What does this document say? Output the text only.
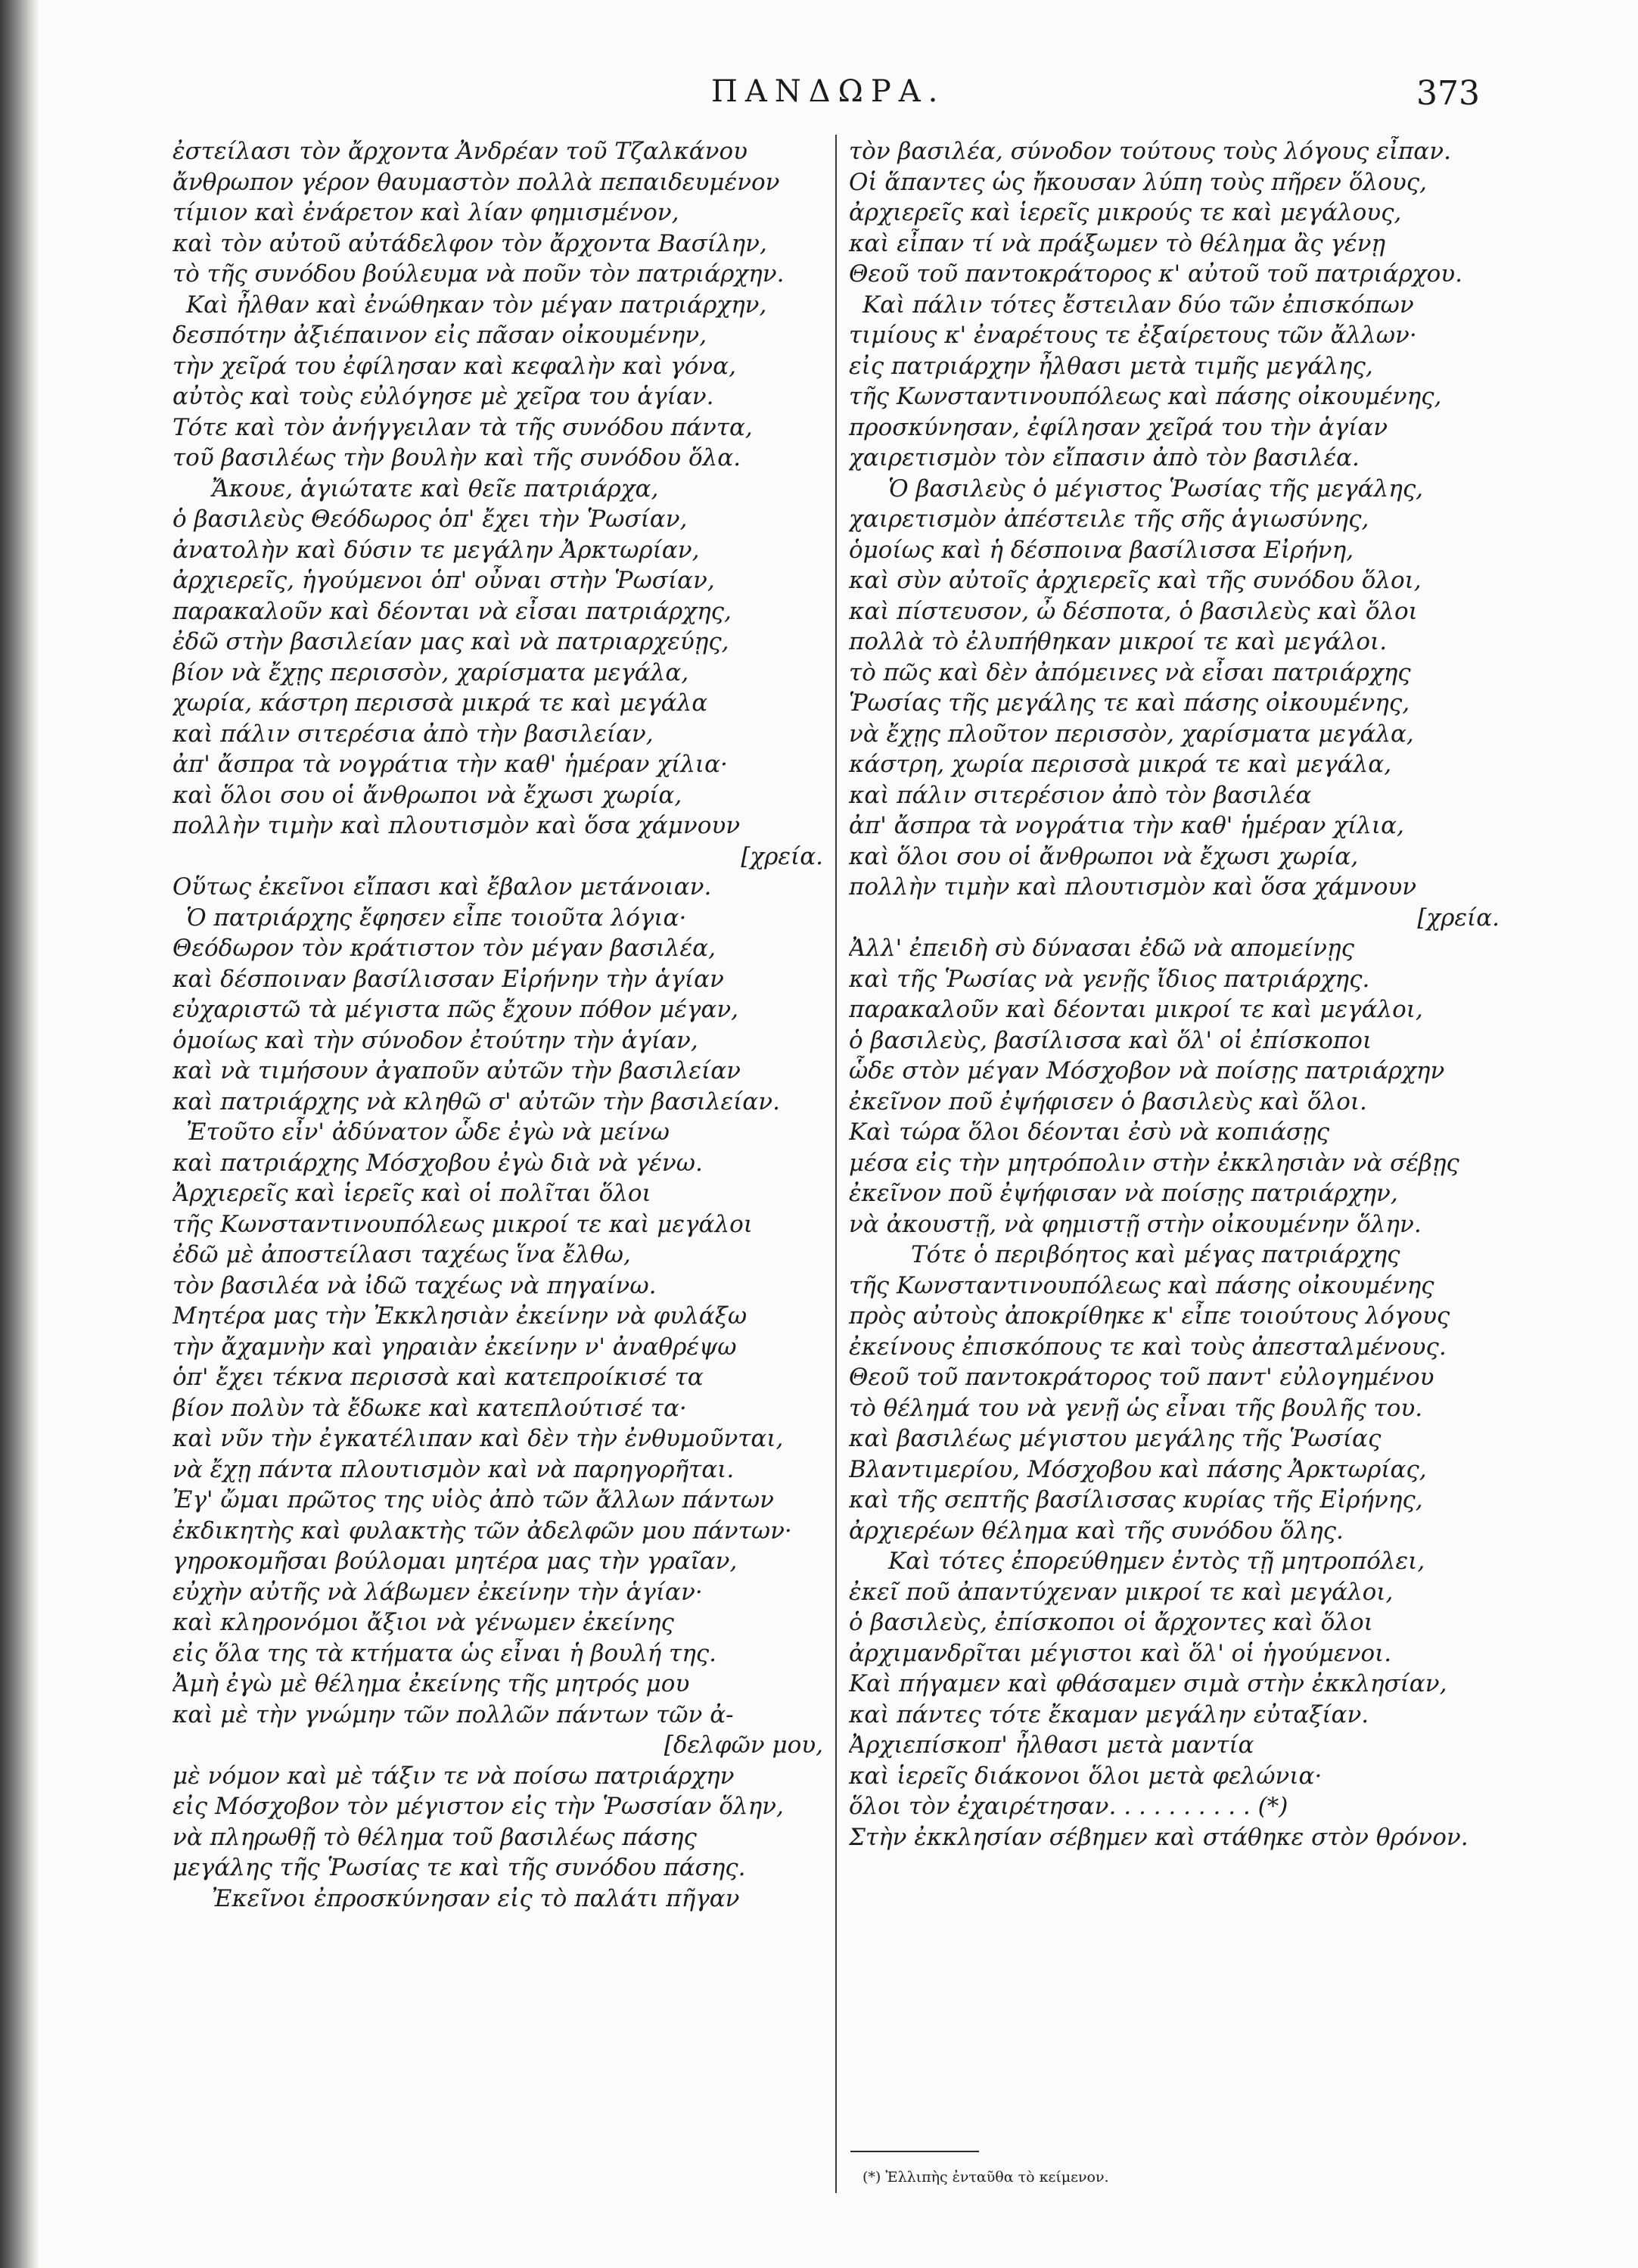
ΠΑΝΔΩΡΑ.	373
ἐστείλασι τὸν ἄρχοντα Ἀνδρέαν τοῦ Τζαλκάνου
ἄνθρωπον γέρον θαυμαστὸν πολλὰ πεπαιδευμένον
τίμιον καὶ ἐνάρετον καὶ λίαν φημισμένον,
καὶ τὸν αὐτοῦ αὐτάδελφον τὸν ἄρχοντα Βασίλην,
τὸ τῆς συνόδου βούλευμα νὰ ποῦν τὸν πατριάρχην.
Καὶ ἦλθαν καὶ ἐνώθηκαν τὸν μέγαν πατριάρχην,
δεσπότην ἀξιέπαινον εἰς πᾶσαν οἰκουμένην,
τὴν χεῖρά του ἐφίλησαν καὶ κεφαλὴν καὶ γόνα,
αὐτὸς καὶ τοὺς εὐλόγησε μὲ χεῖρα του ἁγίαν.
Τότε καὶ τὸν ἀνήγγειλαν τὰ τῆς συνόδου πάντα,
τοῦ βασιλέως τὴν βουλὴν καὶ τῆς συνόδου ὅλα.
Ἄκουε, ἁγιώτατε καὶ θεῖε πατριάρχα,
ὁ βασιλεὺς Θεόδωρος ὁπ' ἔχει τὴν Ῥωσίαν,
ἀνατολὴν καὶ δύσιν τε μεγάλην Ἀρκτωρίαν,
ἀρχιερεῖς, ἡγούμενοι ὁπ' οὖναι στὴν Ῥωσίαν,
παρακαλοῦν καὶ δέονται νὰ εἶσαι πατριάρχης,
ἐδῶ στὴν βασιλείαν μας καὶ νὰ πατριαρχεύῃς,
βίον νὰ ἔχῃς περισσὸν, χαρίσματα μεγάλα,
χωρία, κάστρη περισσὰ μικρά τε καὶ μεγάλα
καὶ πάλιν σιτερέσια ἀπὸ τὴν βασιλείαν,
ἀπ' ἄσπρα τὰ νογράτια τὴν καθ' ἡμέραν χίλια·
καὶ ὅλοι σου οἱ ἄνθρωποι νὰ ἔχωσι χωρία,
πολλὴν τιμὴν καὶ πλουτισμὸν καὶ ὅσα χάμνουν
[χρεία.
Οὕτως ἐκεῖνοι εἴπασι καὶ ἔβαλον μετάνοιαν.
Ὁ πατριάρχης ἔφησεν εἶπε τοιοῦτα λόγια·
Θεόδωρον τὸν κράτιστον τὸν μέγαν βασιλέα,
καὶ δέσποιναν βασίλισσαν Εἰρήνην τὴν ἁγίαν
εὐχαριστῶ τὰ μέγιστα πῶς ἔχουν πόθον μέγαν,
ὁμοίως καὶ τὴν σύνοδον ἐτούτην τὴν ἁγίαν,
καὶ νὰ τιμήσουν ἀγαποῦν αὐτῶν τὴν βασιλείαν
καὶ πατριάρχης νὰ κληθῶ σ' αὐτῶν τὴν βασιλείαν.
Ἐτοῦτο εἶν' ἀδύνατον ὧδε ἐγὼ νὰ μείνω
καὶ πατριάρχης Μόσχοβου ἐγὼ διὰ νὰ γένω.
Ἀρχιερεῖς καὶ ἱερεῖς καὶ οἱ πολῖται ὅλοι
τῆς Κωνσταντινουπόλεως μικροί τε καὶ μεγάλοι
ἐδῶ μὲ ἀποστείλασι ταχέως ἵνα ἔλθω,
τὸν βασιλέα νὰ ἰδῶ ταχέως νὰ πηγαίνω.
Μητέρα μας τὴν Ἐκκλησιὰν ἐκείνην νὰ φυλάξω
τὴν ἄχαμνὴν καὶ γηραιὰν ἐκείνην ν' ἀναθρέψω
ὁπ' ἔχει τέκνα περισσὰ καὶ κατεπροίκισέ τα
βίον πολὺν τὰ ἔδωκε καὶ κατεπλούτισέ τα·
καὶ νῦν τὴν ἐγκατέλιπαν καὶ δὲν τὴν ἐνθυμοῦνται,
νὰ ἔχῃ πάντα πλουτισμὸν καὶ νὰ παρηγορῆται.
Ἐγ' ὤμαι πρῶτος της υἱὸς ἀπὸ τῶν ἄλλων πάντων
ἐκδικητὴς καὶ φυλακτὴς τῶν ἀδελφῶν μου πάντων·
γηροκομῆσαι βούλομαι μητέρα μας τὴν γραῖαν,
εὐχὴν αὐτῆς νὰ λάβωμεν ἐκείνην τὴν ἁγίαν·
καὶ κληρονόμοι ἄξιοι νὰ γένωμεν ἐκείνης
εἰς ὅλα της τὰ κτήματα ὡς εἶναι ἡ βουλή της.
Ἀμὴ ἐγὼ μὲ θέλημα ἐκείνης τῆς μητρός μου
καὶ μὲ τὴν γνώμην τῶν πολλῶν πάντων τῶν ἀ-
[δελφῶν μου,
μὲ νόμον καὶ μὲ τάξιν τε νὰ ποίσω πατριάρχην
εἰς Μόσχοβον τὸν μέγιστον εἰς τὴν Ῥωσσίαν ὅλην,
νὰ πληρωθῇ τὸ θέλημα τοῦ βασιλέως πάσης
μεγάλης τῆς Ῥωσίας τε καὶ τῆς συνόδου πάσης.
Ἐκεῖνοι ἐπροσκύνησαν εἰς τὸ παλάτι πῆγαν
τὸν βασιλέα, σύνοδον τούτους τοὺς λόγους εἶπαν.
Οἱ ἅπαντες ὡς ἤκουσαν λύπη τοὺς πῆρεν ὅλους,
ἀρχιερεῖς καὶ ἱερεῖς μικρούς τε καὶ μεγάλους,
καὶ εἶπαν τί νὰ πράξωμεν τὸ θέλημα ἂς γένῃ
Θεοῦ τοῦ παντοκράτορος κ' αὐτοῦ τοῦ πατριάρχου.
Καὶ πάλιν τότες ἔστειλαν δύο τῶν ἐπισκόπων
τιμίους κ' ἐναρέτους τε ἐξαίρετους τῶν ἄλλων·
εἰς πατριάρχην ἦλθασι μετὰ τιμῆς μεγάλης,
τῆς Κωνσταντινουπόλεως καὶ πάσης οἰκουμένης,
προσκύνησαν, ἐφίλησαν χεῖρά του τὴν ἁγίαν
χαιρετισμὸν τὸν εἴπασιν ἀπὸ τὸν βασιλέα.
Ὁ βασιλεὺς ὁ μέγιστος Ῥωσίας τῆς μεγάλης,
χαιρετισμὸν ἀπέστειλε τῆς σῆς ἁγιωσύνης,
ὁμοίως καὶ ἡ δέσποινα βασίλισσα Εἰρήνη,
καὶ σὺν αὐτοῖς ἀρχιερεῖς καὶ τῆς συνόδου ὅλοι,
καὶ πίστευσον, ὦ δέσποτα, ὁ βασιλεὺς καὶ ὅλοι
πολλὰ τὸ ἐλυπήθηκαν μικροί τε καὶ μεγάλοι.
τὸ πῶς καὶ δὲν ἀπόμεινες νὰ εἶσαι πατριάρχης
Ῥωσίας τῆς μεγάλης τε καὶ πάσης οἰκουμένης,
νὰ ἔχῃς πλοῦτον περισσὸν, χαρίσματα μεγάλα,
κάστρη, χωρία περισσὰ μικρά τε καὶ μεγάλα,
καὶ πάλιν σιτερέσιον ἀπὸ τὸν βασιλέα
ἀπ' ἄσπρα τὰ νογράτια τὴν καθ' ἡμέραν χίλια,
καὶ ὅλοι σου οἱ ἄνθρωποι νὰ ἔχωσι χωρία,
πολλὴν τιμὴν καὶ πλουτισμὸν καὶ ὅσα χάμνουν
[χρεία.
Ἀλλ' ἐπειδὴ σὺ δύνασαι ἐδῶ νὰ απομείνῃς
καὶ τῆς Ῥωσίας νὰ γενῇς ἴδιος πατριάρχης.
παρακαλοῦν καὶ δέονται μικροί τε καὶ μεγάλοι,
ὁ βασιλεὺς, βασίλισσα καὶ ὅλ' οἱ ἐπίσκοποι
ὧδε στὸν μέγαν Μόσχοβον νὰ ποίσῃς πατριάρχην
ἐκεῖνον ποῦ ἐψήφισεν ὁ βασιλεὺς καὶ ὅλοι.
Καὶ τώρα ὅλοι δέονται ἐσὺ νὰ κοπιάσῃς
μέσα εἰς τὴν μητρόπολιν στὴν ἐκκλησιὰν νὰ σέβῃς
ἐκεῖνον ποῦ ἐψήφισαν νὰ ποίσῃς πατριάρχην,
νὰ ἀκουστῇ, νὰ φημιστῇ στὴν οἰκουμένην ὅλην.
Τότε ὁ περιβόητος καὶ μέγας πατριάρχης
τῆς Κωνσταντινουπόλεως καὶ πάσης οἰκουμένης
πρὸς αὐτοὺς ἀποκρίθηκε κ' εἶπε τοιούτους λόγους
ἐκείνους ἐπισκόπους τε καὶ τοὺς ἀπεσταλμένους.
Θεοῦ τοῦ παντοκράτορος τοῦ παντ' εὐλογημένου
τὸ θέλημά του νὰ γενῇ ὡς εἶναι τῆς βουλῆς του.
καὶ βασιλέως μέγιστου μεγάλης τῆς Ῥωσίας
Βλαντιμερίου, Μόσχοβου καὶ πάσης Ἀρκτωρίας,
καὶ τῆς σεπτῆς βασίλισσας κυρίας τῆς Εἰρήνης,
ἀρχιερέων θέλημα καὶ τῆς συνόδου ὅλης.
Καὶ τότες ἐπορεύθημεν ἐντὸς τῇ μητροπόλει,
ἐκεῖ ποῦ ἀπαντύχεναν μικροί τε καὶ μεγάλοι,
ὁ βασιλεὺς, ἐπίσκοποι οἱ ἄρχοντες καὶ ὅλοι
ἀρχιμανδρῖται μέγιστοι καὶ ὅλ' οἱ ἡγούμενοι.
Καὶ πήγαμεν καὶ φθάσαμεν σιμὰ στὴν ἐκκλησίαν,
καὶ πάντες τότε ἔκαμαν μεγάλην εὐταξίαν.
Ἀρχιεπίσκοπ' ἦλθασι μετὰ μαντία
καὶ ἱερεῖς διάκονοι ὅλοι μετὰ φελώνια·
ὅλοι τὸν ἐχαιρέτησαν. . . . . . . . . . (*)
Στὴν ἐκκλησίαν σέβημεν καὶ στάθηκε στὸν θρόνον.
(*) Ἐλλιπὴς ἐνταῦθα τὸ κείμενον.
